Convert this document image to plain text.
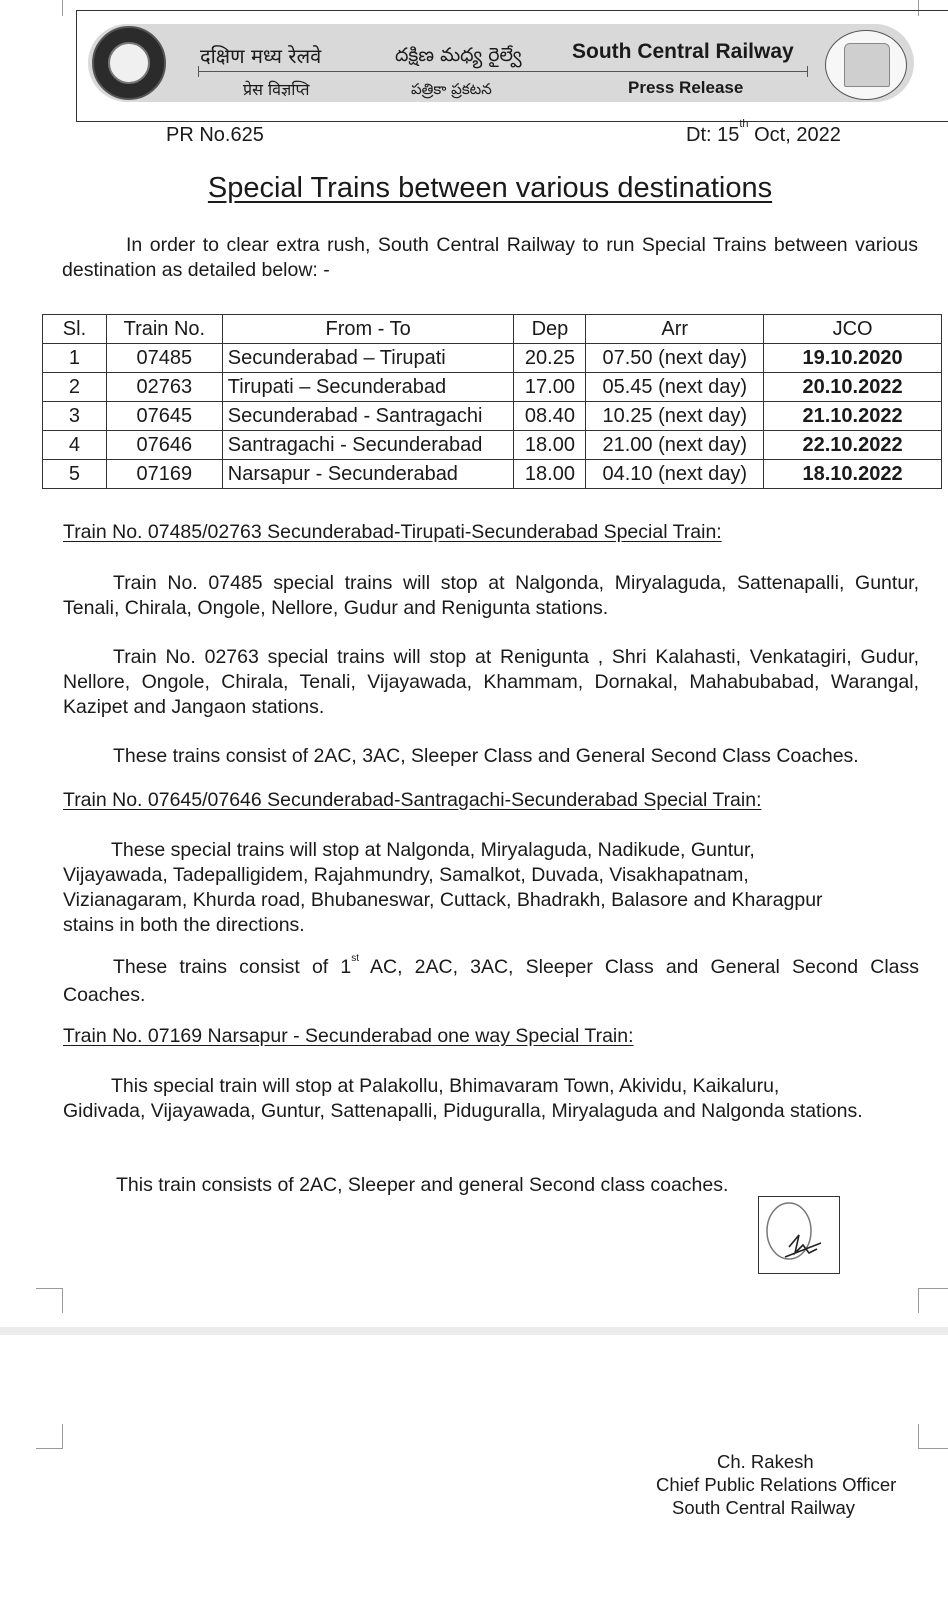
दक्षिण मध्य रेलवे	దక్షిణ మధ్య రైల్వే South Central Railway
प्रेस विज्ञप्ति	పత్రికా ప్రకటన	Press Release
PR No.625	Dt: 15th Oct, 2022
Special Trains between various destinations
In order to clear extra rush, South Central Railway to run Special Trains between various destination as detailed below: -
Sl.	Train No.	From - To	Dep	Arr	JCO
1	07485	Secunderabad – Tirupati	20.25	07.50 (next day)	19.10.2020
2	02763	Tirupati – Secunderabad	17.00	05.45 (next day)	20.10.2022
3	07645	Secunderabad - Santragachi	08.40	10.25 (next day)	21.10.2022
4	07646	Santragachi - Secunderabad	18.00	21.00 (next day)	22.10.2022
5	07169	Narsapur - Secunderabad	18.00	04.10 (next day)	18.10.2022
Train No. 07485/02763 Secunderabad-Tirupati-Secunderabad Special Train:
Train No. 07485 special trains will stop at Nalgonda, Miryalaguda, Sattenapalli, Guntur, Tenali, Chirala, Ongole, Nellore, Gudur and Renigunta stations.
Train No. 02763 special trains will stop at Renigunta , Shri Kalahasti, Venkatagiri, Gudur, Nellore, Ongole, Chirala, Tenali, Vijayawada, Khammam, Dornakal, Mahabubabad, Warangal, Kazipet and Jangaon stations.
These trains consist of 2AC, 3AC, Sleeper Class and General Second Class Coaches.
Train No. 07645/07646 Secunderabad-Santragachi-Secunderabad Special Train:
These special trains will stop at Nalgonda, Miryalaguda, Nadikude, Guntur, Vijayawada, Tadepalligidem, Rajahmundry, Samalkot, Duvada, Visakhapatnam, Vizianagaram, Khurda road, Bhubaneswar, Cuttack, Bhadrakh, Balasore and Kharagpur stains in both the directions.
These trains consist of 1st AC, 2AC, 3AC, Sleeper Class and General Second Class Coaches.
Train No. 07169 Narsapur - Secunderabad one way Special Train:
This special train will stop at Palakollu, Bhimavaram Town, Akividu, Kaikaluru, Gidivada, Vijayawada, Guntur, Sattenapalli, Piduguralla, Miryalaguda and Nalgonda stations.
This train consists of 2AC, Sleeper and general Second class coaches.
Ch. Rakesh
Chief Public Relations Officer
South Central Railway
